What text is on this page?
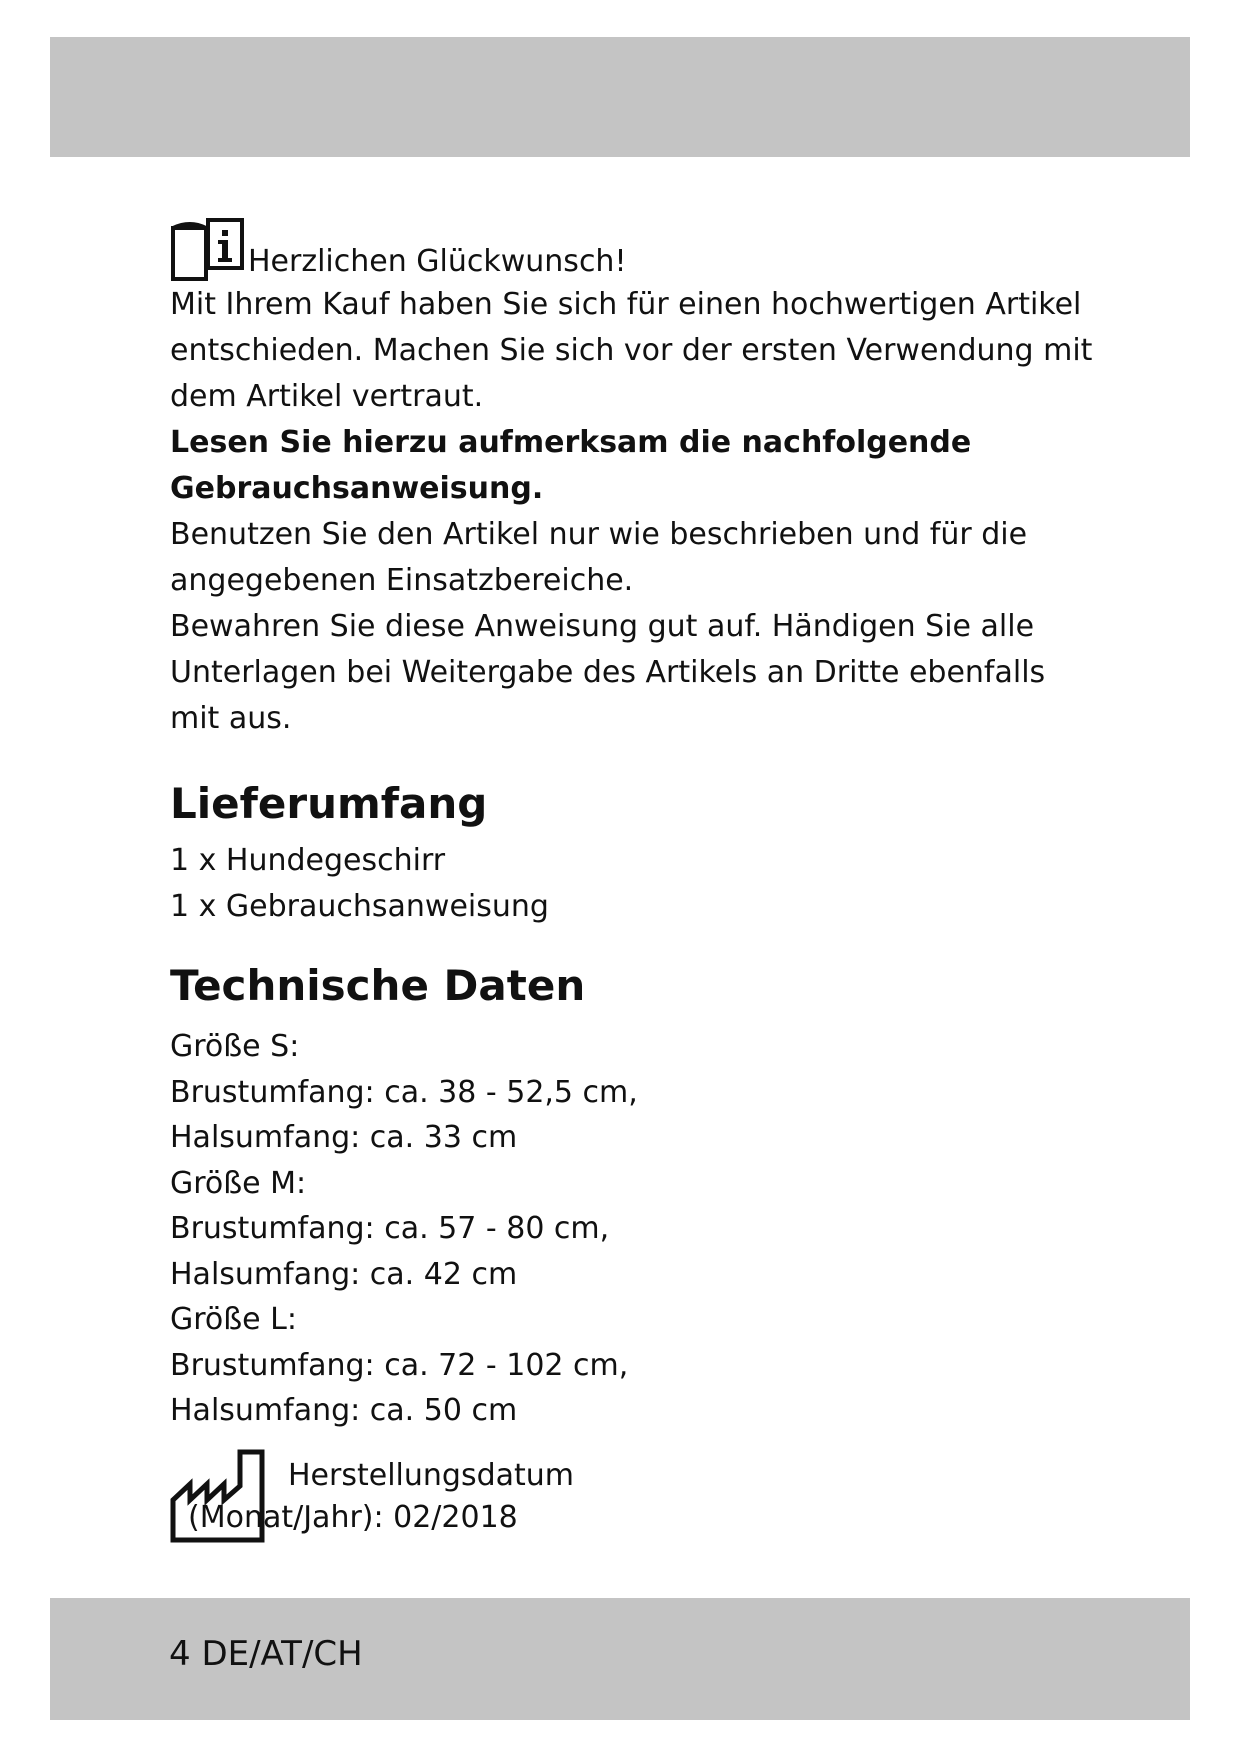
Herzlichen Glückwunsch!

Mit Ihrem Kauf haben Sie sich für einen hochwertigen Artikel

entschieden. Machen Sie sich vor der ersten Verwendung mit

dem Artikel vertraut.

Lesen Sie hierzu aufmerksam die nachfolgende

Gebrauchsanweisung.

Benutzen Sie den Artikel nur wie beschrieben und für die

angegebenen Einsatzbereiche.

Bewahren Sie diese Anweisung gut auf. Händigen Sie alle

Unterlagen bei Weitergabe des Artikels an Dritte ebenfalls

mit aus.

Lieferumfang

1 x Hundegeschirr

1 x Gebrauchsanweisung

Technische Daten

Größe S:

Brustumfang: ca. 38 - 52,5 cm,

Halsumfang: ca. 33 cm

Größe M:

Brustumfang: ca. 57 - 80 cm,

Halsumfang: ca. 42 cm

Größe L:

Brustumfang: ca. 72 - 102 cm,

Halsumfang: ca. 50 cm

Herstellungsdatum
(Monat/Jahr): 02/2018
4 DE/AT/CH
